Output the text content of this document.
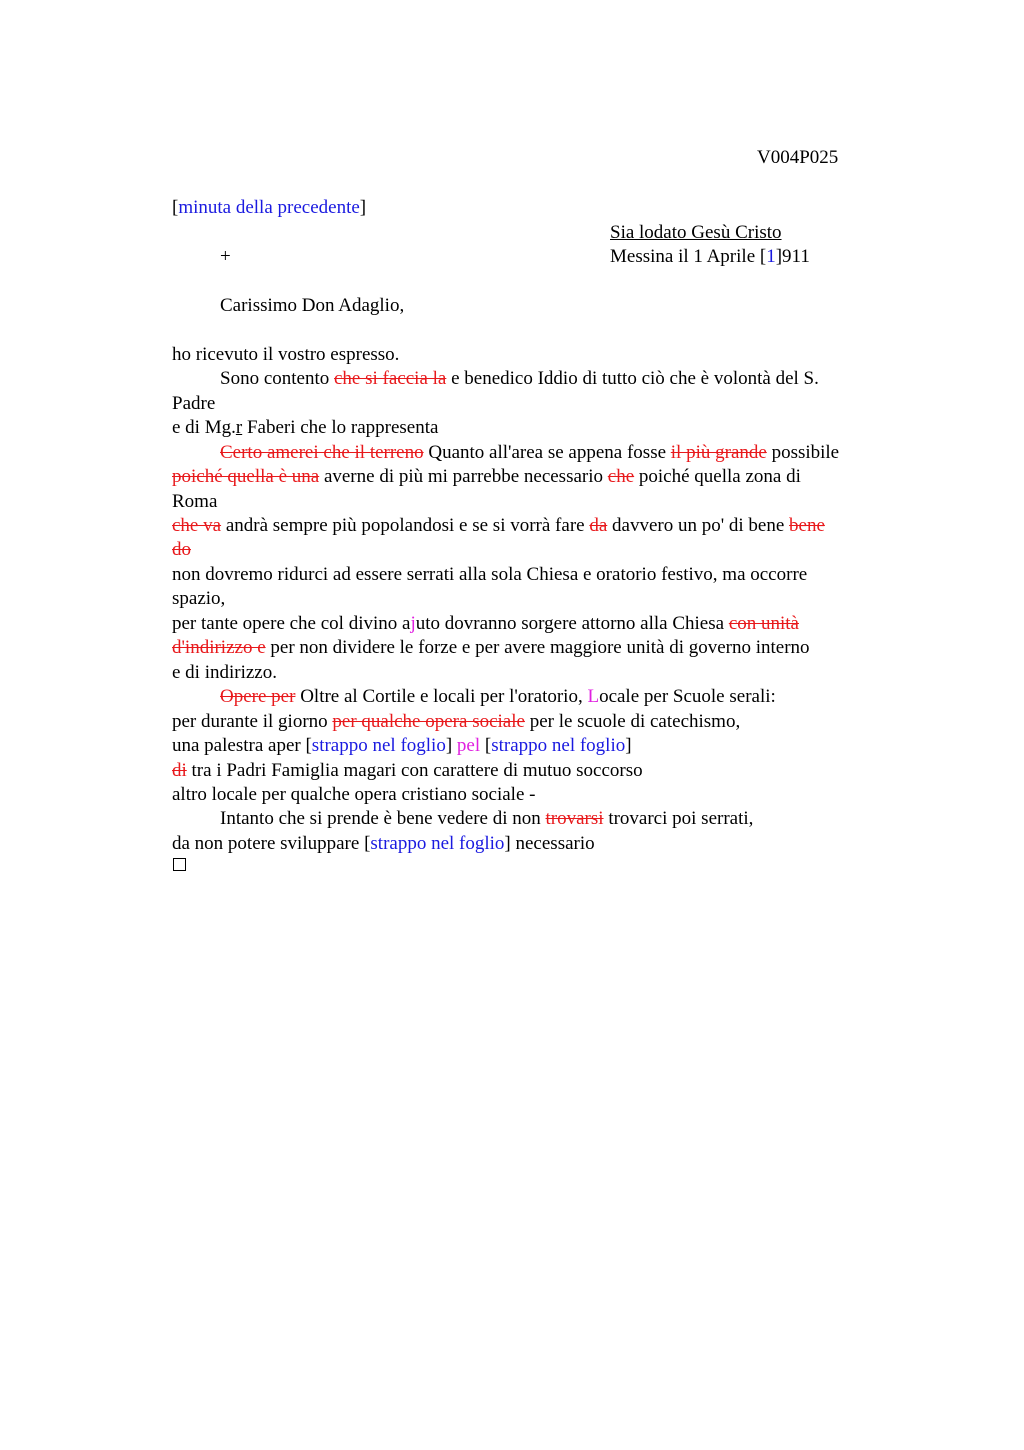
V004P025
[minuta della precedente]
Sia lodato Gesù Cristo
+	Messina il 1 Aprile [1]911
Carissimo Don Adaglio,
ho ricevuto il vostro espresso.
Sono contento che si faccia la e benedico Iddio di tutto ciò che è volontà del S.
Padre
e di Mg.r Faberi che lo rappresenta
Certo amerei che il terreno Quanto all'area se appena fosse il più grande possibile
poiché quella è una averne di più mi parrebbe necessario che poiché quella zona di
Roma
che va andrà sempre più popolandosi e se si vorrà fare da davvero un po' di bene bene
do
non dovremo ridurci ad essere serrati alla sola Chiesa e oratorio festivo, ma occorre
spazio,
per tante opere che col divino ajuto dovranno sorgere attorno alla Chiesa con unità
d'indirizzo e per non dividere le forze e per avere maggiore unità di governo interno
e di indirizzo.
Opere per Oltre al Cortile e locali per l'oratorio, Locale per Scuole serali:
per durante il giorno per qualche opera sociale per le scuole di catechismo,
una palestra aper [strappo nel foglio] pel [strappo nel foglio]
di tra i Padri Famiglia magari con carattere di mutuo soccorso
altro locale per qualche opera cristiano sociale -
Intanto che si prende è bene vedere di non trovarsi trovarci poi serrati,
da non potere sviluppare [strappo nel foglio] necessario
